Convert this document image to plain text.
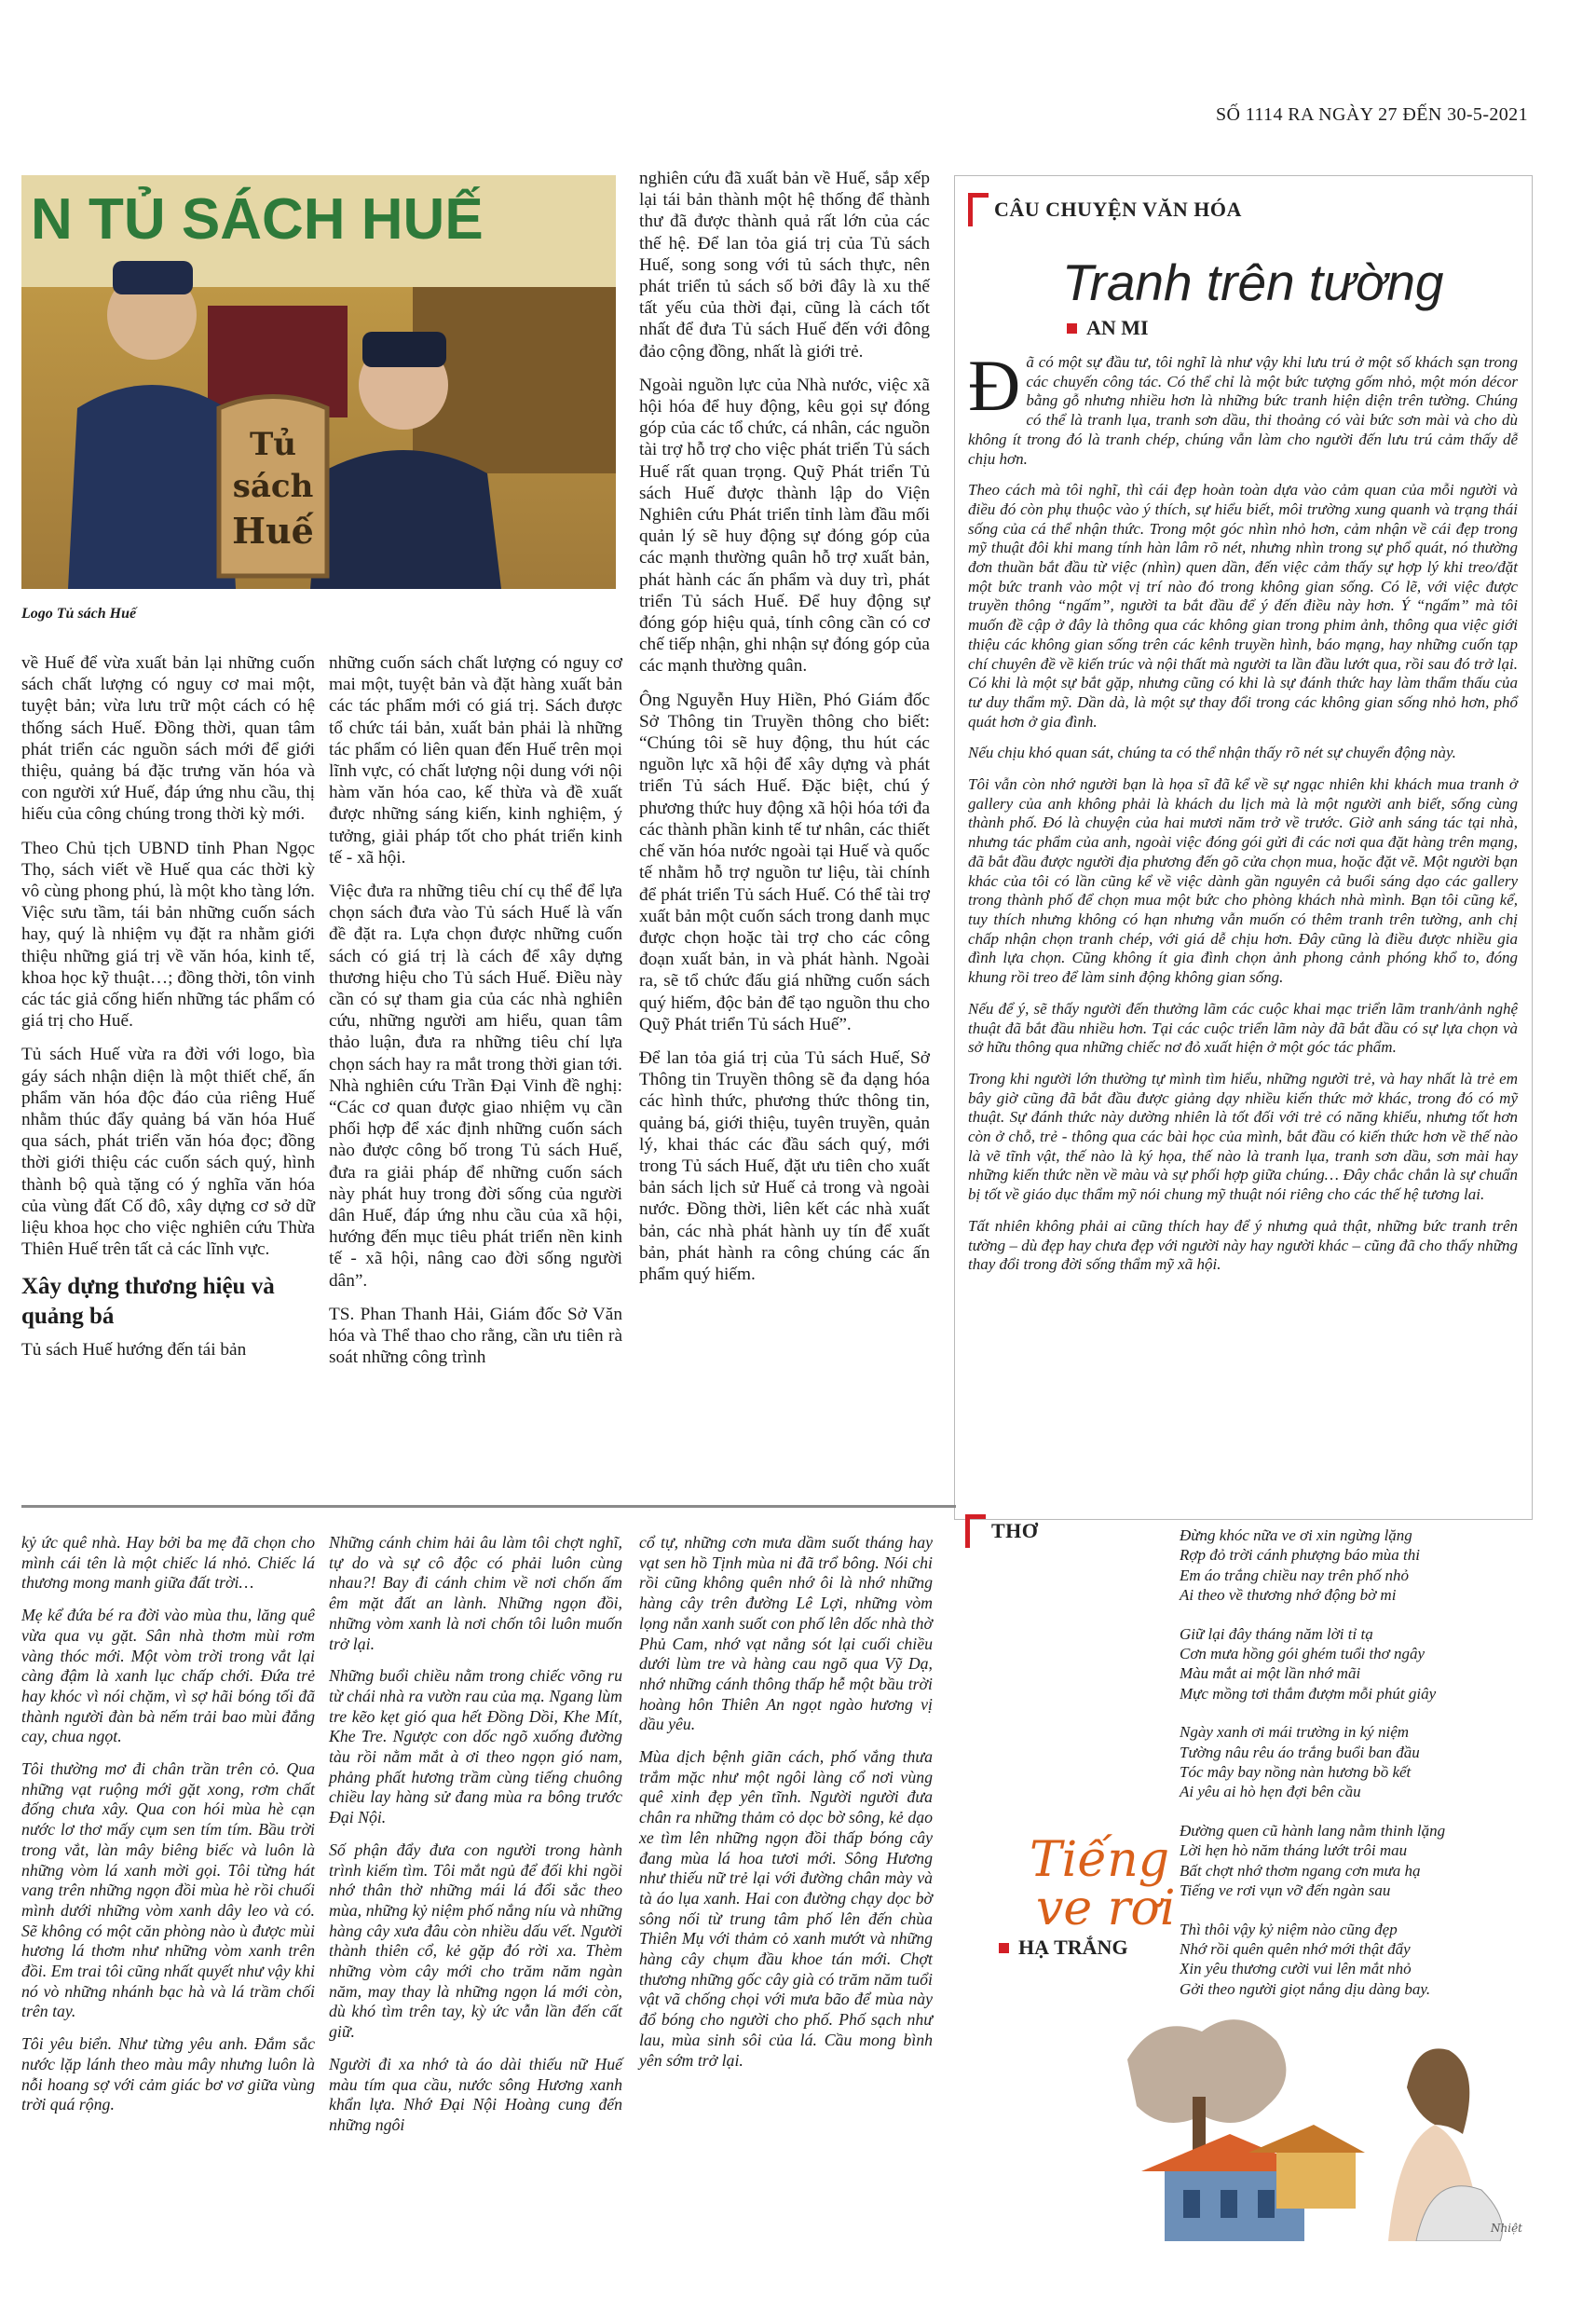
SỐ 1114 RA NGÀY 27 ĐẾN 30-5-2021
N TỦ SÁCH HUẾ
Tủ
sách
Huế
Logo Tủ sách Huế

nghiên cứu đã xuất bản về Huế, sắp xếp lại tái bản thành một hệ thống để thành thư đã được thành quả rất lớn của các thế hệ. Để lan tỏa giá trị của Tủ sách Huế, song song với tủ sách thực, nên phát triển tủ sách số bởi đây là xu thế tất yếu của thời đại, cũng là cách tốt nhất để đưa Tủ sách Huế đến với đông đảo cộng đồng, nhất là giới trẻ.

Ngoài nguồn lực của Nhà nước, việc xã hội hóa để huy động, kêu gọi sự đóng góp của các tổ chức, cá nhân, các nguồn tài trợ hỗ trợ cho việc phát triển Tủ sách Huế rất quan trọng. Quỹ Phát triển Tủ sách Huế được thành lập do Viện Nghiên cứu Phát triển tỉnh làm đầu mối quản lý sẽ huy động sự đóng góp của các mạnh thường quân hỗ trợ xuất bản, phát hành các ấn phẩm và duy trì, phát triển Tủ sách Huế. Để huy động sự đóng góp hiệu quả, tính công cần có cơ chế tiếp nhận, ghi nhận sự đóng góp của các mạnh thường quân.

Ông Nguyễn Huy Hiền, Phó Giám đốc Sở Thông tin Truyền thông cho biết: “Chúng tôi sẽ huy động, thu hút các nguồn lực xã hội để xây dựng và phát triển Tủ sách Huế. Đặc biệt, chú ý phương thức huy động xã hội hóa tới đa các thành phần kinh tế tư nhân, các thiết chế văn hóa nước ngoài tại Huế và quốc tế nhằm hỗ trợ nguồn tư liệu, tài chính để phát triển Tủ sách Huế. Có thể tài trợ xuất bản một cuốn sách trong danh mục được chọn hoặc tài trợ cho các công đoạn xuất bản, in và phát hành. Ngoài ra, sẽ tổ chức đấu giá những cuốn sách quý hiếm, độc bản để tạo nguồn thu cho Quỹ Phát triển Tủ sách Huế”.

Để lan tỏa giá trị của Tủ sách Huế, Sở Thông tin Truyền thông sẽ đa dạng hóa các hình thức, phương thức thông tin, quảng bá, giới thiệu, tuyên truyền, quản lý, khai thác các đầu sách quý, mới trong Tủ sách Huế, đặt ưu tiên cho xuất bản sách lịch sử Huế cả trong và ngoài nước. Đồng thời, liên kết các nhà xuất bản, các nhà phát hành uy tín để xuất bản, phát hành ra công chúng các ấn phẩm quý hiếm.

về Huế để vừa xuất bản lại những cuốn sách chất lượng có nguy cơ mai một, tuyệt bản; vừa lưu trữ một cách có hệ thống sách Huế. Đồng thời, quan tâm phát triển các nguồn sách mới để giới thiệu, quảng bá đặc trưng văn hóa và con người xứ Huế, đáp ứng nhu cầu, thị hiếu của công chúng trong thời kỳ mới.

Theo Chủ tịch UBND tỉnh Phan Ngọc Thọ, sách viết về Huế qua các thời kỳ vô cùng phong phú, là một kho tàng lớn. Việc sưu tầm, tái bản những cuốn sách hay, quý là nhiệm vụ đặt ra nhằm giới thiệu những giá trị về văn hóa, kinh tế, khoa học kỹ thuật…; đồng thời, tôn vinh các tác giả cống hiến những tác phẩm có giá trị cho Huế.

Tủ sách Huế vừa ra đời với logo, bìa gáy sách nhận diện là một thiết chế, ấn phẩm văn hóa độc đáo của riêng Huế nhằm thúc đẩy quảng bá văn hóa Huế qua sách, phát triển văn hóa đọc; đồng thời giới thiệu các cuốn sách quý, hình thành bộ quà tặng có ý nghĩa văn hóa của vùng đất Cố đô, xây dựng cơ sở dữ liệu khoa học cho việc nghiên cứu Thừa Thiên Huế trên tất cả các lĩnh vực.

Xây dựng thương hiệu và quảng bá

Tủ sách Huế hướng đến tái bản

những cuốn sách chất lượng có nguy cơ mai một, tuyệt bản và đặt hàng xuất bản các tác phẩm mới có giá trị. Sách được tổ chức tái bản, xuất bản phải là những tác phẩm có liên quan đến Huế trên mọi lĩnh vực, có chất lượng nội dung với nội hàm văn hóa cao, kế thừa và đề xuất được những sáng kiến, kinh nghiệm, ý tưởng, giải pháp tốt cho phát triển kinh tế - xã hội.

Việc đưa ra những tiêu chí cụ thể để lựa chọn sách đưa vào Tủ sách Huế là vấn đề đặt ra. Lựa chọn được những cuốn sách có giá trị là cách để xây dựng thương hiệu cho Tủ sách Huế. Điều này cần có sự tham gia của các nhà nghiên cứu, những người am hiểu, quan tâm thảo luận, đưa ra những tiêu chí lựa chọn sách hay ra mắt trong thời gian tới. Nhà nghiên cứu Trần Đại Vinh đề nghị: “Các cơ quan được giao nhiệm vụ cần phối hợp để xác định những cuốn sách nào được công bố trong Tủ sách Huế, đưa ra giải pháp để những cuốn sách này phát huy trong đời sống của người dân Huế, đáp ứng nhu cầu của xã hội, hướng đến mục tiêu phát triển nền kinh tế - xã hội, nâng cao đời sống người dân”.

TS. Phan Thanh Hải, Giám đốc Sở Văn hóa và Thể thao cho rằng, cần ưu tiên rà soát những công trình

CÂU CHUYỆN VĂN HÓA
Tranh trên tường
AN MI

Đã có một sự đầu tư, tôi nghĩ là như vậy khi lưu trú ở một số khách sạn trong các chuyến công tác. Có thể chỉ là một bức tượng gốm nhỏ, một món décor bằng gỗ nhưng nhiều hơn là những bức tranh hiện diện trên tường. Chúng có thể là tranh lụa, tranh sơn dầu, thi thoảng có vài bức sơn mài và cho dù không ít trong đó là tranh chép, chúng vẫn làm cho người đến lưu trú cảm thấy dễ chịu hơn.

Theo cách mà tôi nghĩ, thì cái đẹp hoàn toàn dựa vào cảm quan của mỗi người và điều đó còn phụ thuộc vào ý thích, sự hiểu biết, môi trường xung quanh và trạng thái sống của cá thể nhận thức. Trong một góc nhìn nhỏ hơn, cảm nhận về cái đẹp trong mỹ thuật đôi khi mang tính hàn lâm rõ nét, nhưng nhìn trong sự phổ quát, nó thường đơn thuần bắt đầu từ việc (nhìn) quen dần, đến việc cảm thấy sự hợp lý khi treo/đặt một bức tranh vào một vị trí nào đó trong không gian sống. Có lẽ, với việc được truyền thông “ngấm”, người ta bắt đầu để ý đến điều này hơn. Ý “ngấm” mà tôi muốn đề cập ở đây là thông qua các không gian trong phim ảnh, thông qua việc giới thiệu các không gian sống trên các kênh truyền hình, báo mạng, hay những cuốn tạp chí chuyên đề về kiến trúc và nội thất mà người ta lần đầu lướt qua, rồi sau đó trở lại. Có khi là một sự bắt gặp, nhưng cũng có khi là sự đánh thức hay làm thẩm thấu của tư duy thẩm mỹ. Dần dà, là một sự thay đổi trong các không gian sống nhỏ hơn, phổ quát hơn ở gia đình.

Nếu chịu khó quan sát, chúng ta có thể nhận thấy rõ nét sự chuyển động này.

Tôi vẫn còn nhớ người bạn là họa sĩ đã kể về sự ngạc nhiên khi khách mua tranh ở gallery của anh không phải là khách du lịch mà là một người anh biết, sống cùng thành phố. Đó là chuyện của hai mươi năm trở về trước. Giờ anh sáng tác tại nhà, nhưng tác phẩm của anh, ngoài việc đóng gói gửi đi các nơi qua đặt hàng trên mạng, đã bắt đầu được người địa phương đến gõ cửa chọn mua, hoặc đặt vẽ. Một người bạn khác của tôi có lần cũng kể về việc dành gần nguyên cả buổi sáng dạo các gallery trong thành phố để chọn mua một bức cho phòng khách nhà mình. Bạn tôi cũng kể, tuy thích nhưng không có hạn nhưng vẫn muốn có thêm tranh trên tường, anh chị chấp nhận chọn tranh chép, với giá dễ chịu hơn. Đây cũng là điều được nhiều gia đình lựa chọn. Cũng không ít gia đình chọn ảnh phong cảnh phóng khổ to, đóng khung rồi treo để làm sinh động không gian sống.

Nếu để ý, sẽ thấy người đến thưởng lãm các cuộc khai mạc triển lãm tranh/ảnh nghệ thuật đã bắt đầu nhiều hơn. Tại các cuộc triển lãm này đã bắt đầu có sự lựa chọn và sở hữu thông qua những chiếc nơ đỏ xuất hiện ở một góc tác phẩm.

Trong khi người lớn thường tự mình tìm hiểu, những người trẻ, và hay nhất là trẻ em bây giờ cũng đã bắt đầu được giảng dạy nhiều kiến thức mở khác, trong đó có mỹ thuật. Sự đánh thức này dường nhiên là tốt đối với trẻ có năng khiếu, nhưng tốt hơn còn ở chỗ, trẻ - thông qua các bài học của mình, bắt đầu có kiến thức hơn về thế nào là vẽ tĩnh vật, thế nào là ký họa, thế nào là tranh lụa, tranh sơn dầu, sơn mài hay những kiến thức nền về màu và sự phối hợp giữa chúng… Đây chắc chắn là sự chuẩn bị tốt về giáo dục thẩm mỹ nói chung mỹ thuật nói riêng cho các thế hệ tương lai.

Tất nhiên không phải ai cũng thích hay để ý nhưng quả thật, những bức tranh trên tường – dù đẹp hay chưa đẹp với người này hay người khác – cũng đã cho thấy những thay đổi trong đời sống thẩm mỹ xã hội.

kỷ ức quê nhà. Hay bởi ba mẹ đã chọn cho mình cái tên là một chiếc lá nhỏ. Chiếc lá thương mong manh giữa đất trời…

Mẹ kể đứa bé ra đời vào mùa thu, lăng quê vừa qua vụ gặt. Sân nhà thơm mùi rơm vàng thóc mới. Một vòm trời trong vắt lại càng đậm là xanh lục chấp chới. Đứa trẻ hay khóc vì nói chặm, vì sợ hãi bóng tối đã thành người đàn bà nếm trải bao mùi đắng cay, chua ngọt.

Tôi thường mơ đi chân trần trên cỏ. Qua những vạt ruộng mới gặt xong, rơm chất đống chưa xây. Qua con hói mùa hè cạn nước lơ thơ mấy cụm sen tím tím. Bầu trời trong vắt, làn mây biêng biếc và luôn là những vòm lá xanh mời gọi. Tôi từng hát vang trên những ngọn đồi mùa hè rồi chuối mình dưới những vòm xanh dây leo và có. Sẽ không có một căn phòng nào ù được mùi hương lá thơm như những vòm xanh trên đồi. Em trai tôi cũng nhất quyết như vậy khi nó vò những nhánh bạc hà và lá trầm chối trên tay.

Tôi yêu biển. Như từng yêu anh. Đắm sắc nước lặp lánh theo màu mây nhưng luôn là nỗi hoang sợ với cảm giác bơ vơ giữa vùng trời quá rộng.

Những cánh chim hải âu làm tôi chợt nghĩ, tự do và sự cô độc có phải luôn cùng nhau?! Bay đi cánh chim về nơi chốn ấm êm mặt đất an lành. Những ngọn đồi, những vòm xanh là nơi chốn tôi luôn muốn trở lại.

Những buổi chiều nằm trong chiếc võng ru từ chái nhà ra vườn rau của mạ. Ngang lùm tre kẽo kẹt gió qua hết Đồng Dồi, Khe Mít, Khe Tre. Ngược con dốc ngõ xuống đường tàu rồi nằm mắt à ơi theo ngọn gió nam, phảng phất hương trầm cùng tiếng chuông chiều lay hàng sử đang mùa ra bông trước Đại Nội.

Số phận đẩy đưa con người trong hành trình kiếm tìm. Tôi mắt ngủ để đối khi ngồi nhớ thân thờ những mái lá đổi sắc theo mùa, những kỷ niệm phố nắng níu và những hàng cây xưa đâu còn nhiều dấu vết. Người thành thiên cổ, kẻ gặp đó rời xa. Thèm những vòm cây mới cho trăm năm ngàn năm, may thay là những ngọn lá mới còn, dù khó tìm trên tay, kỳ ức vẫn lần đến cất giữ.

Người đi xa nhớ tà áo dài thiếu nữ Huế màu tím qua cầu, nước sông Hương xanh khẩn lựa. Nhớ Đại Nội Hoàng cung đến những ngôi

cổ tự, những cơn mưa dầm suốt tháng hay vạt sen hồ Tịnh mùa ni đã trổ bông. Nói chi rồi cũng không quên nhớ ôi là nhớ những hàng cây trên đường Lê Lợi, những vòm lọng nắn xanh suốt con phố lên dốc nhà thờ Phủ Cam, nhớ vạt nắng sót lại cuối chiều dưới lùm tre và hàng cau ngõ qua Vỹ Dạ, nhớ những cánh thông thấp hễ một bầu trời hoàng hôn Thiên An ngọt ngào hương vị dầu yêu.

Mùa dịch bệnh giãn cách, phố vắng thưa trắm mặc như một ngôi làng cổ nơi vùng quê xinh đẹp yên tĩnh. Người người đưa chân ra những thảm cỏ dọc bờ sông, kẻ dạo xe tìm lên những ngọn đồi thấp bóng cây đang mùa lá hoa tươi mới. Sông Hương như thiếu nữ trẻ lại với đường chân mày và tà áo lụa xanh. Hai con đường chạy dọc bờ sông nối từ trung tâm phố lên đến chùa Thiên Mụ với thảm cỏ xanh mướt và những hàng cây chụm đầu khoe tán mới. Chợt thương những gốc cây già có trăm năm tuổi vật vã chống chọi với mưa bão để mùa này đổ bóng cho người cho phố. Phố sạch như lau, mùa sinh sôi của lá. Cầu mong bình yên sớm trở lại.

THƠ
Tiếng
ve rơi
HẠ TRẮNG

Đừng khóc nữa ve ơi xin ngừng lặng
Rợp đỏ trời cánh phượng báo mùa thi
Em áo trắng chiều nay trên phố nhỏ
Ai theo về thương nhớ động bờ mi

Giữ lại đây tháng năm lời tỉ tạ
Cơn mưa hồng gói ghém tuổi thơ ngây
Màu mắt ai một lần nhớ mãi
Mực mồng tơi thắm đượm mỗi phút giây

Ngày xanh ơi mái trường in ký niệm
Tường nâu rêu áo trắng buổi ban đầu
Tóc mây bay nồng nàn hương bồ kết
Ai yêu ai hò hẹn đợi bên cầu

Đường quen cũ hành lang nằm thinh lặng
Lời hẹn hò năm tháng lướt trôi mau
Bất chợt nhớ thơm ngang cơn mưa hạ
Tiếng ve rơi vụn vỡ đến ngàn sau

Thì thôi vậy kỷ niệm nào cũng đẹp
Nhớ rồi quên quên nhớ mới thật đẩy
Xin yêu thương cười vui lên mắt nhỏ
Gởi theo người giọt nắng dịu dàng bay.

Nhiệt
